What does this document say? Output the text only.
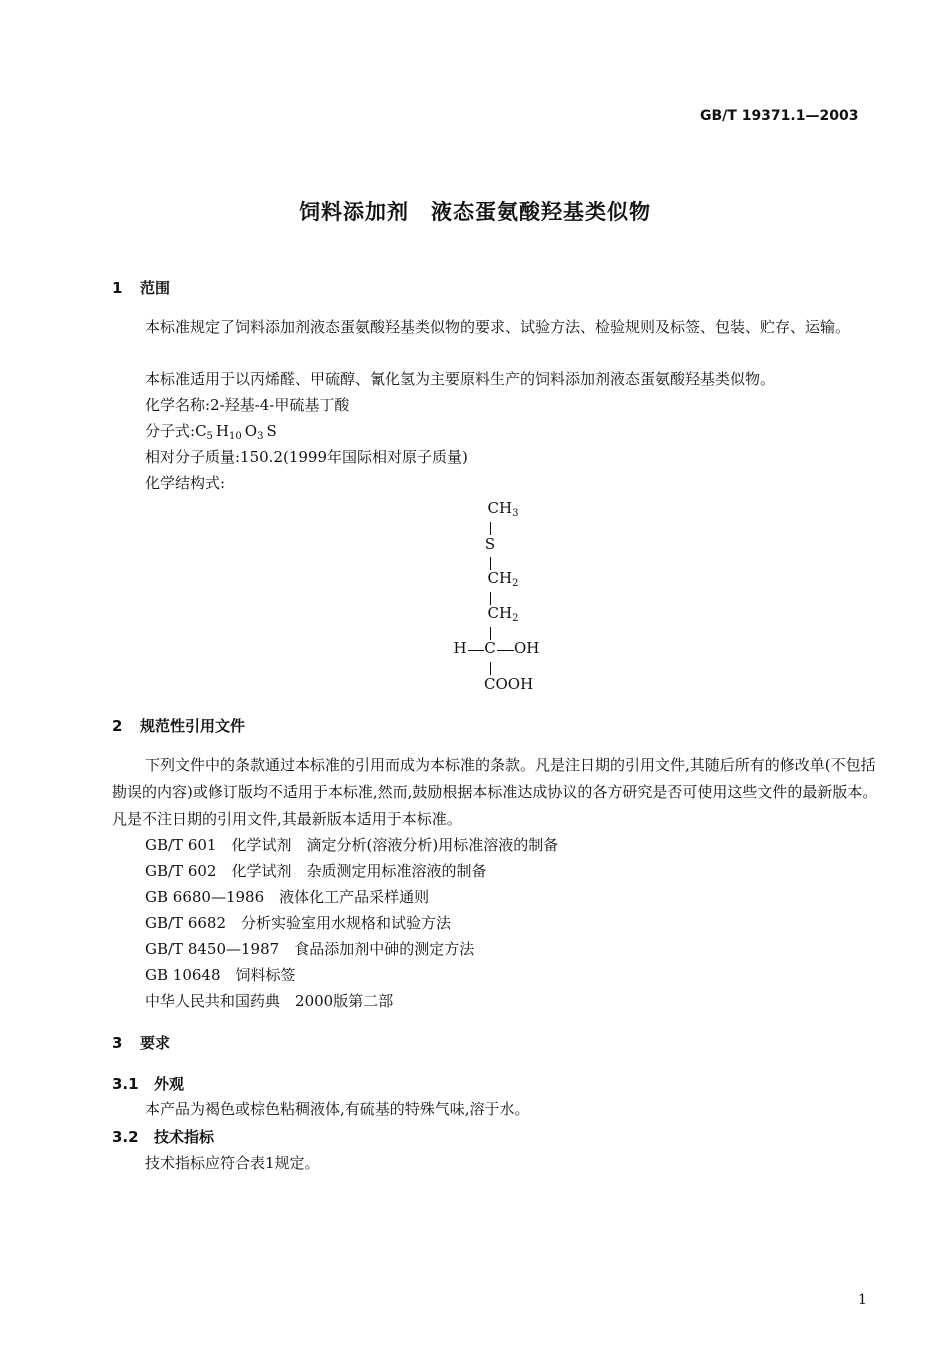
GB/T 19371.1—2003
饲料添加剂　液态蛋氨酸羟基类似物
1 范围
本标准规定了饲料添加剂液态蛋氨酸羟基类似物的要求、试验方法、检验规则及标签、包装、贮存、运输。
本标准适用于以丙烯醛、甲硫醇、氰化氢为主要原料生产的饲料添加剂液态蛋氨酸羟基类似物。
化学名称:2-羟基-4-甲硫基丁酸
分子式$:C_5$  $H_{10}$  $O_3$  S
相对分子质量:150.2(1999年国际相对原子质量)
化学结构式:
$CH_3$
S
$CH_2$
$CH_2$
H C OH
COOH
2 规范性引用文件
下列文件中的条款通过本标准的引用而成为本标准的条款。凡是注日期的引用文件,其随后所有的修改单(不包括勘误的内容)或修订版均不适用于本标准,然而,鼓励根据本标准达成协议的各方研究是否可使用这些文件的最新版本。凡是不注日期的引用文件,其最新版本适用于本标准。
GB/T 601　 化学试剂　滴定分析(溶液分析)用标准溶液的制备
GB/T 602　 化学试剂　杂质测定用标准溶液的制备
GB 6680—1986　 液体化工产品采样通则
GB/T 6682　 分析实验室用水规格和试验方法
GB/T 8450—1987　 食品添加剂中砷的测定方法
GB 10648　 饲料标签
中华人民共和国药典　 2000版第二部
3 要求
3.1 外观
本产品为褐色或棕色粘稠液体,有硫基的特殊气味,溶于水。
3.2 技术指标
技术指标应符合表1规定。
1
